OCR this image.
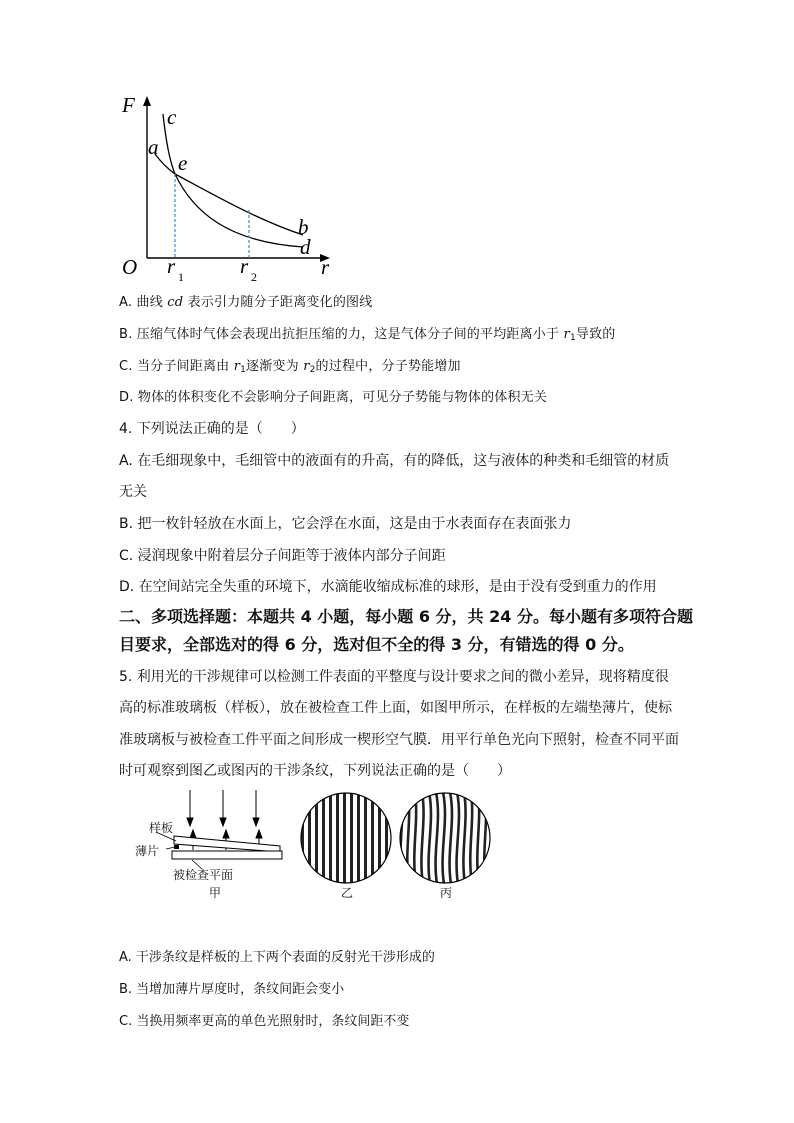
F c
a
e
b
d
O r 1	r 2	r
A. 曲线 cd 表示引力随分子距离变化的图线
B. 压缩气体时气体会表现出抗拒压缩的力，这是气体分子间的平均距离小于 $r_1$导致的
C. 当分子间距离由 $r_1$逐渐变为 $r_2$的过程中，分子势能增加
D. 物体的体积变化不会影响分子间距离，可见分子势能与物体的体积无关
4. 下列说法正确的是（　　）
A. 在毛细现象中，毛细管中的液面有的升高，有的降低，这与液体的种类和毛细管的材质
无关
B. 把一枚针轻放在水面上，它会浮在水面，这是由于水表面存在表面张力
C. 浸润现象中附着层分子间距等于液体内部分子间距
D. 在空间站完全失重的环境下，水滴能收缩成标准的球形，是由于没有受到重力的作用
二、多项选择题：本题共 4 小题，每小题 6 分，共 24 分。每小题有多项符合题
目要求，全部选对的得 6 分，选对但不全的得 3 分，有错选的得 0 分。
5. 利用光的干涉规律可以检测工件表面的平整度与设计要求之间的微小差异，现将精度很
高的标准玻璃板（样板），放在被检查工件上面，如图甲所示，在样板的左端垫薄片，使标
准玻璃板与被检查工件平面之间形成一楔形空气膜．用平行单色光向下照射，检查不同平面
时可观察到图乙或图丙的干涉条纹，下列说法正确的是（　　）
样板
薄片
被检查平面
甲	乙	丙
A. 干涉条纹是样板的上下两个表面的反射光干涉形成的
B. 当增加薄片厚度时，条纹间距会变小
C. 当换用频率更高的单色光照射时，条纹间距不变
